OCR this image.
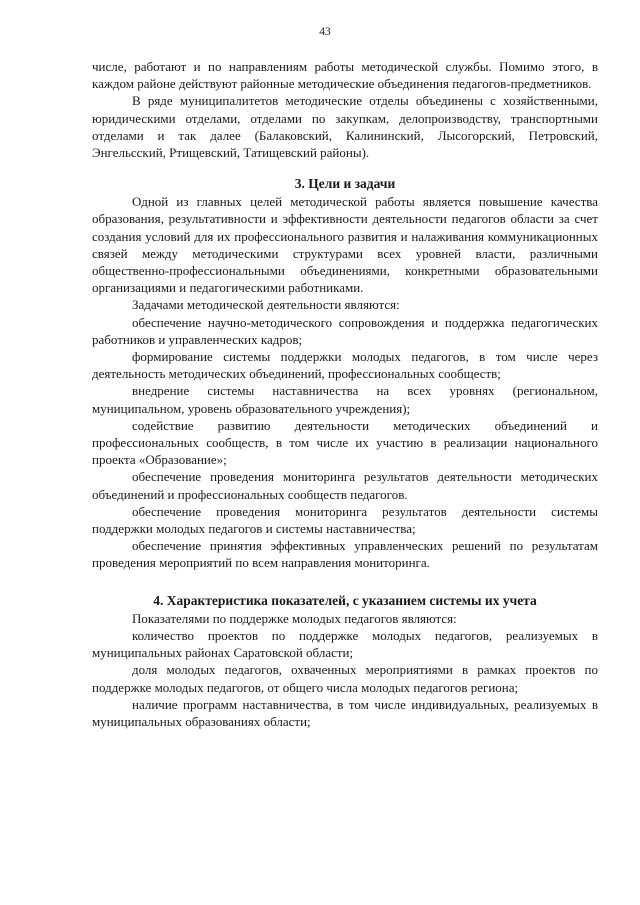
43

числе, работают и по направлениям работы методической службы. Помимо этого, в каждом районе действуют районные методические объединения педагогов-предметников.

В ряде муниципалитетов методические отделы объединены с хозяйственными, юридическими отделами, отделами по закупкам, делопроизводству, транспортными отделами и так далее (Балаковский, Калининский, Лысогорский, Петровский, Энгельсский, Ртищевский, Татищевский районы).

3. Цели и задачи

Одной из главных целей методической работы является повышение качества образования, результативности и эффективности деятельности педагогов области за счет создания условий для их профессионального развития и налаживания коммуникационных связей между методическими структурами всех уровней власти, различными общественно-профессиональными объединениями, конкретными образовательными организациями и педагогическими работниками.

Задачами методической деятельности являются:

обеспечение научно-методического сопровождения и поддержка педагогических работников и управленческих кадров;

формирование системы поддержки молодых педагогов, в том числе через деятельность методических объединений, профессиональных сообществ;

внедрение системы наставничества на всех уровнях (региональном, муниципальном, уровень образовательного учреждения);

содействие развитию деятельности методических объединений и профессиональных сообществ, в том числе их участию в реализации национального проекта «Образование»;

обеспечение проведения мониторинга результатов деятельности методических объединений и профессиональных сообществ педагогов.

обеспечение проведения мониторинга результатов деятельности системы поддержки молодых педагогов и системы наставничества;

обеспечение принятия эффективных управленческих решений по результатам проведения мероприятий по всем направления мониторинга.

4. Характеристика показателей, с указанием системы их учета

Показателями по поддержке молодых педагогов являются:

количество проектов по поддержке молодых педагогов, реализуемых в муниципальных районах Саратовской области;

доля молодых педагогов, охваченных мероприятиями в рамках проектов по поддержке молодых педагогов, от общего числа молодых педагогов региона;

наличие программ наставничества, в том числе индивидуальных, реализуемых в муниципальных образованиях области;
